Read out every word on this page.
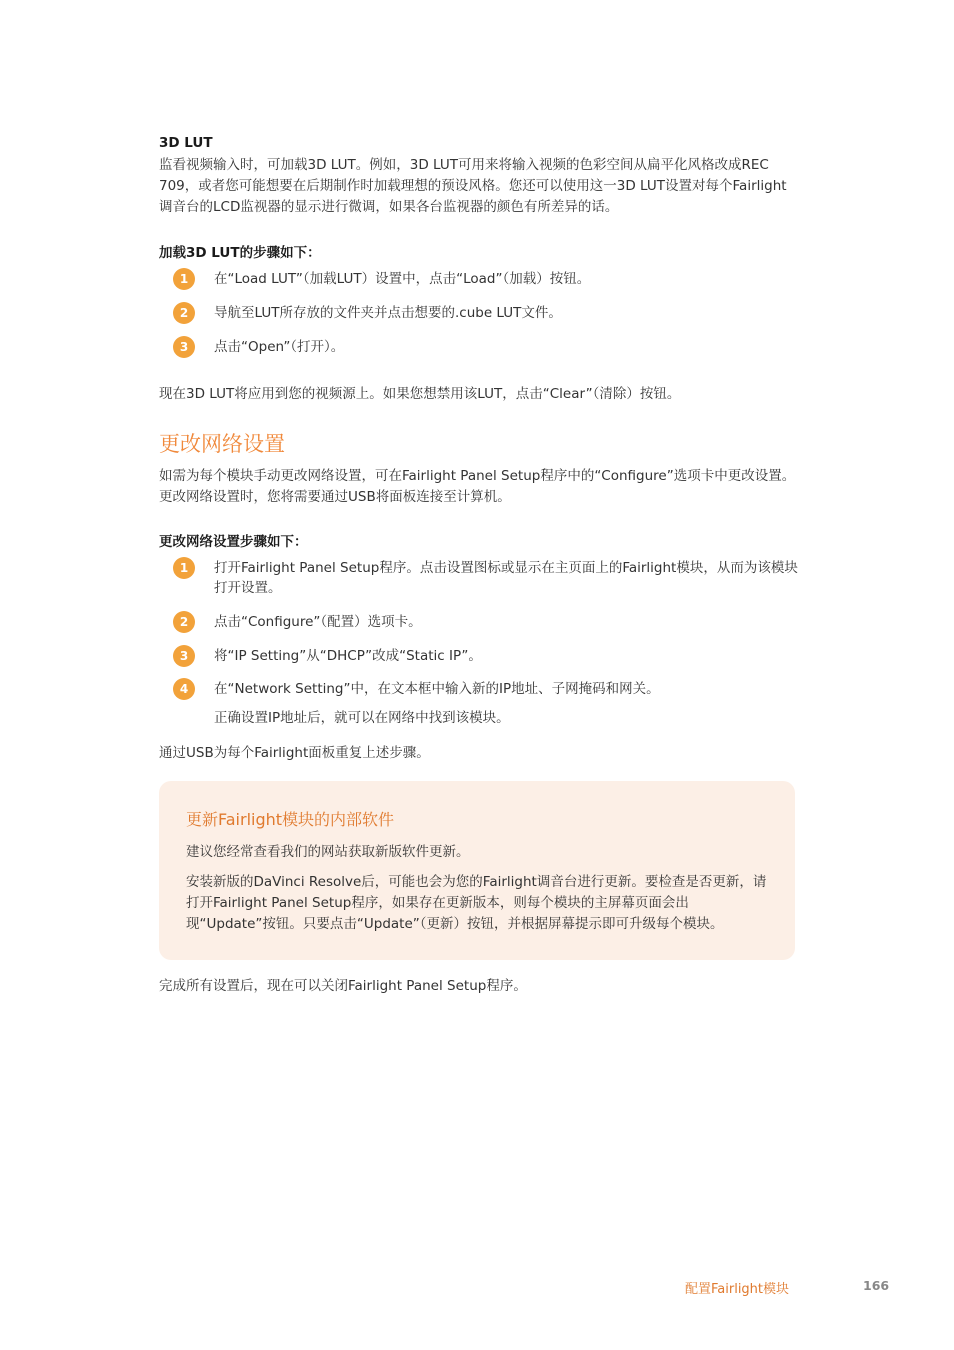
3D LUT
监看视频输入时，可加载3D LUT。例如，3D LUT可用来将输入视频的色彩空间从扁平化风格改成REC 709，或者您可能想要在后期制作时加载理想的预设风格。您还可以使用这一3D LUT设置对每个Fairlight调音台的LCD监视器的显示进行微调，如果各台监视器的颜色有所差异的话。
加载3D LUT的步骤如下：
1	在“Load LUT”（加载LUT）设置中，点击“Load”（加载）按钮。
2	导航至LUT所存放的文件夹并点击想要的.cube LUT文件。
3	点击“Open”（打开）。
现在3D LUT将应用到您的视频源上。如果您想禁用该LUT，点击“Clear”（清除）按钮。
更改网络设置
如需为每个模块手动更改网络设置，可在Fairlight Panel Setup程序中的“Configure”选项卡中更改设置。更改网络设置时，您将需要通过USB将面板连接至计算机。
更改网络设置步骤如下：
1	打开Fairlight Panel Setup程序。点击设置图标或显示在主页面上的Fairlight模块，从而为该模块打开设置。
2	点击“Configure”（配置）选项卡。
3	将“IP Setting”从“DHCP”改成“Static IP”。
4	在“Network Setting”中，在文本框中输入新的IP地址、子网掩码和网关。
正确设置IP地址后，就可以在网络中找到该模块。
通过USB为每个Fairlight面板重复上述步骤。
更新Fairlight模块的内部软件
建议您经常查看我们的网站获取新版软件更新。
安装新版的DaVinci Resolve后，可能也会为您的Fairlight调音台进行更新。要检查是否更新，请打开Fairlight Panel Setup程序，如果存在更新版本，则每个模块的主屏幕页面会出现“Update”按钮。只要点击“Update”（更新）按钮，并根据屏幕提示即可升级每个模块。
完成所有设置后，现在可以关闭Fairlight Panel Setup程序。
配置Fairlight模块	166
